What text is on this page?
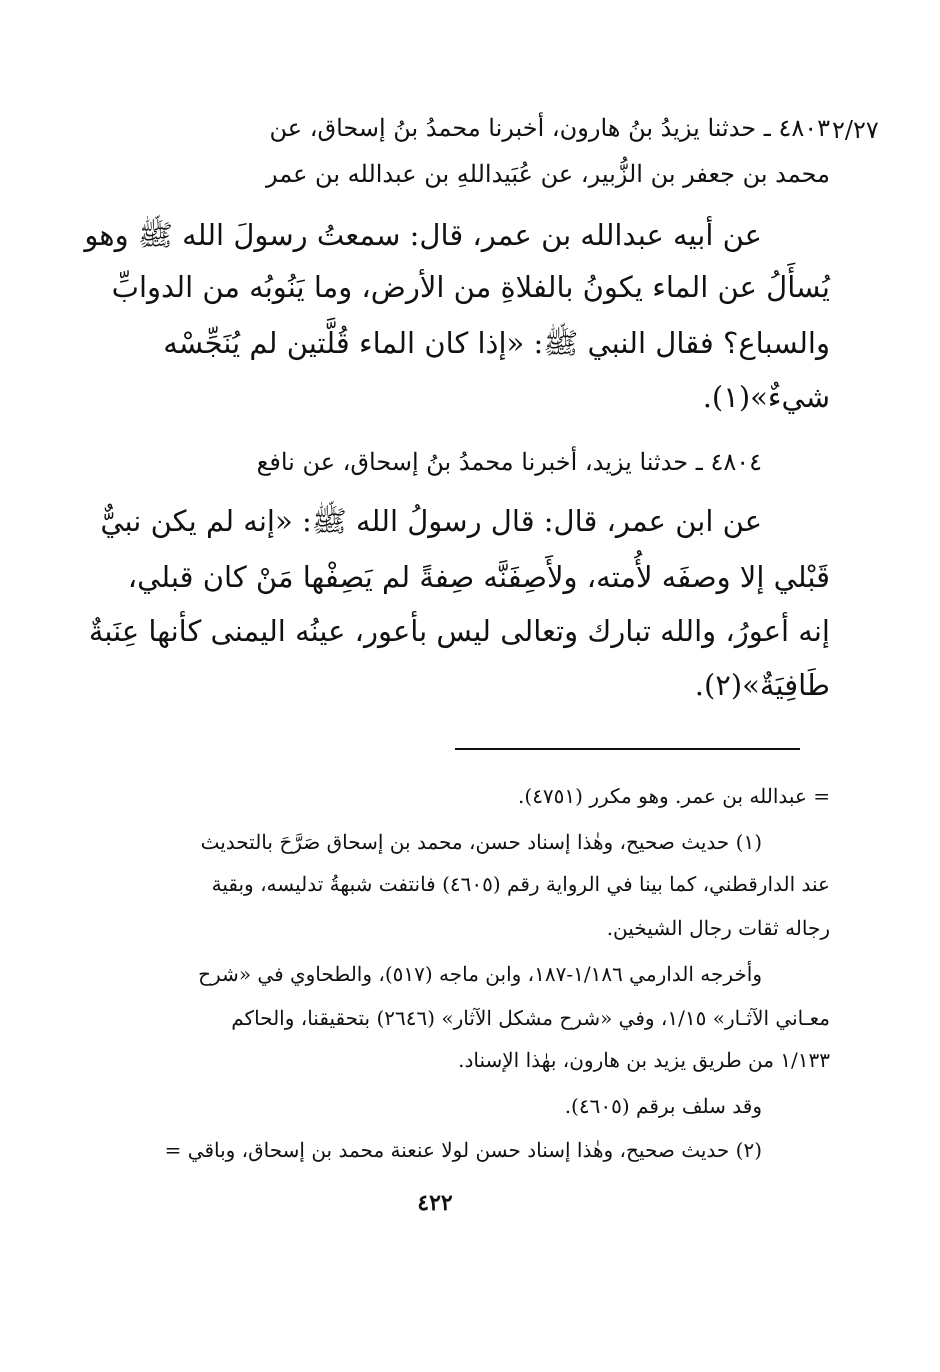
٢/٢٧
٤٨٠٣ ـ حدثنا يزيدُ بنُ هارون، أخبرنا محمدُ بنُ إسحاق، عن
محمد بن جعفر بن الزُّبير، عن عُبَيداللهِ بن عبدالله بن عمر
عن أبيه عبدالله بن عمر، قال: سمعتُ رسولَ الله ﷺ وهو
يُسأَلُ عن الماء يكونُ بالفلاةِ من الأرض، وما يَنُوبُه من الدوابِّ
والسباع؟ فقال النبي ﷺ: «إذا كان الماء قُلَّتين لم يُنَجِّسْه
شيءٌ»(١).
٤٨٠٤ ـ حدثنا يزيد، أخبرنا محمدُ بنُ إسحاق، عن نافع
عن ابن عمر، قال: قال رسولُ الله ﷺ: «إنه لم يكن نبيٌّ
قَبْلي إلا وصفَه لأُمته، ولأَصِفَنَّه صِفةً لم يَصِفْها مَنْ كان قبلي،
إنه أعورُ، والله تبارك وتعالى ليس بأعور، عينُه اليمنى كأنها عِنَبةٌ
طَافِيَةٌ»(٢).
= عبدالله بن عمر. وهو مكرر (٤٧٥١).
(١) حديث صحيح، وهٰذا إسناد حسن، محمد بن إسحاق صَرَّحَ بالتحديث
عند الدارقطني، كما بينا في الرواية رقم (٤٦٠٥) فانتفت شبهةُ تدليسه، وبقية
رجاله ثقات رجال الشيخين.
وأخرجه الدارمي ١/١٨٦-١٨٧، وابن ماجه (٥١٧)، والطحاوي في «شرح
معـاني الآثـار» ١/١٥، وفي «شرح مشكل الآثار» (٢٦٤٦) بتحقيقنا، والحاكم
١/١٣٣ من طريق يزيد بن هارون، بهٰذا الإسناد.
وقد سلف برقم (٤٦٠٥).
(٢) حديث صحيح، وهٰذا إسناد حسن لولا عنعنة محمد بن إسحاق، وباقي =
٤٢٢
